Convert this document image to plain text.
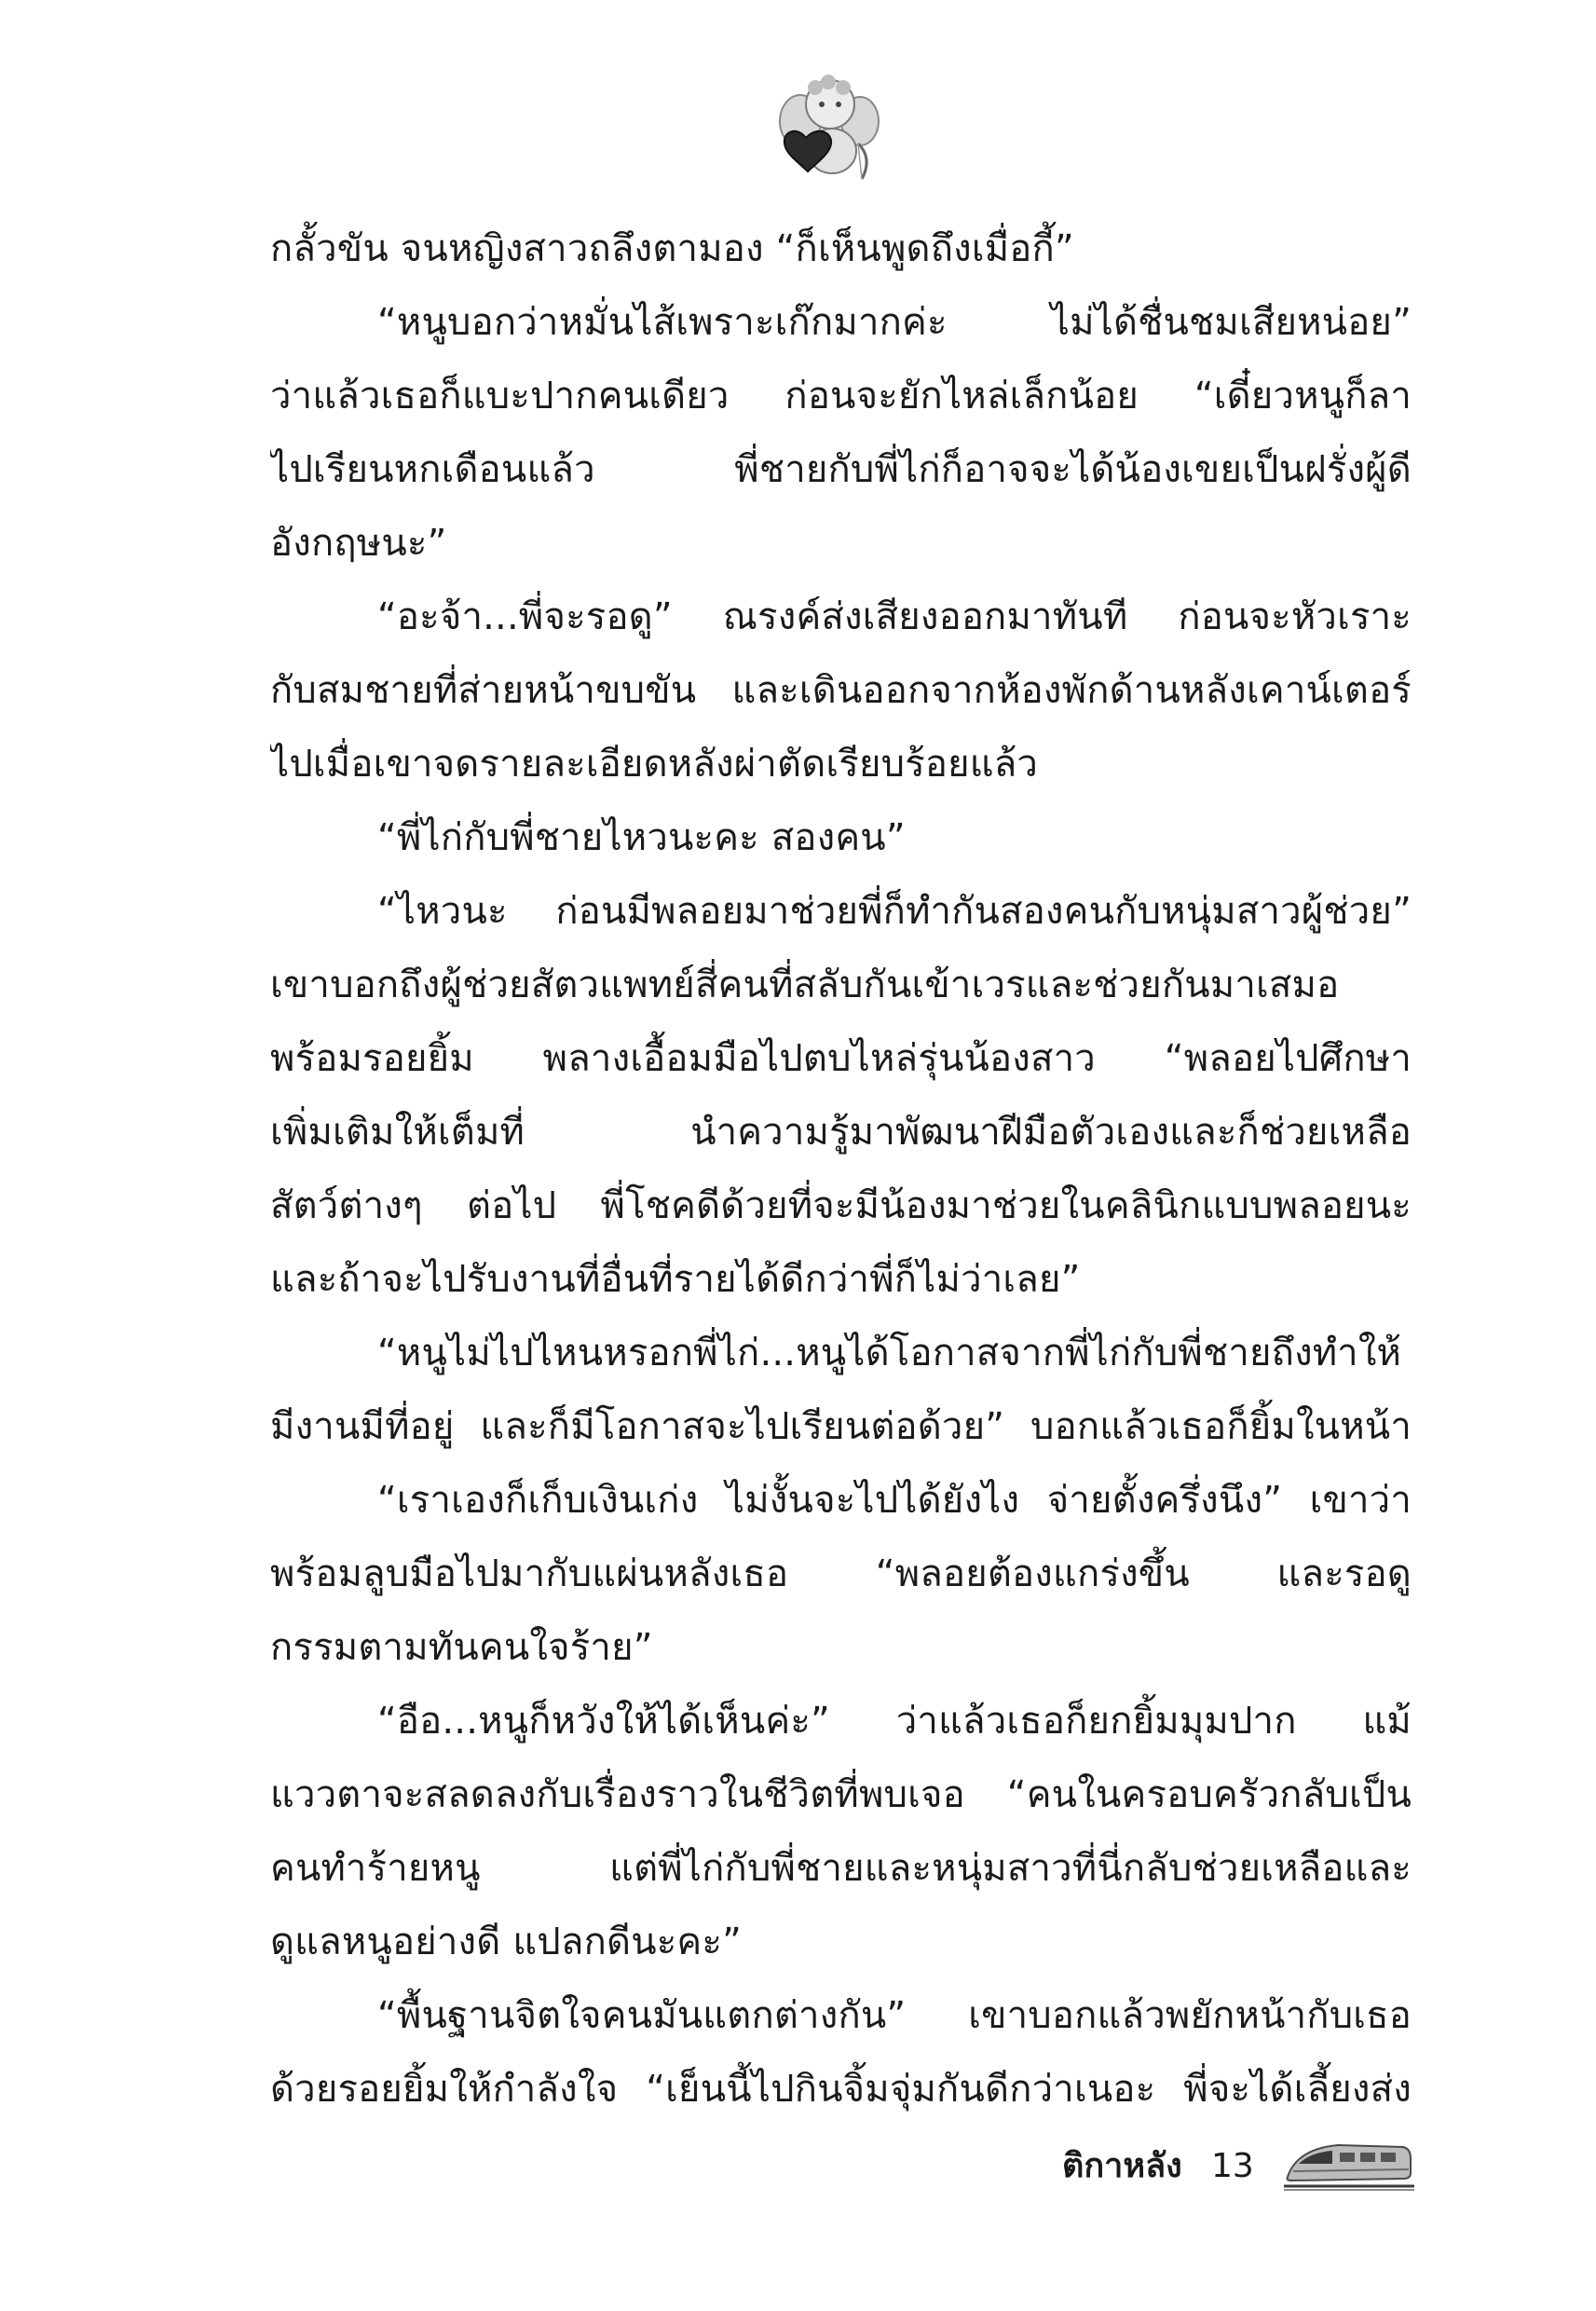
กลั้วขัน จนหญิงสาวถลึงตามอง “ก็เห็นพูดถึงเมื่อกี้”
“หนูบอกว่าหมั่นไส้เพราะเก๊กมากค่ะ ไม่ได้ชื่นชมเสียหน่อย”
ว่าแล้วเธอก็แบะปากคนเดียว ก่อนจะยักไหล่เล็กน้อย “เดี๋ยวหนูก็ลา
ไปเรียนหกเดือนแล้ว พี่ชายกับพี่ไก่ก็อาจจะได้น้องเขยเป็นฝรั่งผู้ดี
อังกฤษนะ”
“อะจ้า...พี่จะรอดู” ณรงค์ส่งเสียงออกมาทันที ก่อนจะหัวเราะ
กับสมชายที่ส่ายหน้าขบขัน และเดินออกจากห้องพักด้านหลังเคาน์เตอร์
ไปเมื่อเขาจดรายละเอียดหลังผ่าตัดเรียบร้อยแล้ว
“พี่ไก่กับพี่ชายไหวนะคะ สองคน”
“ไหวนะ ก่อนมีพลอยมาช่วยพี่ก็ทำกันสองคนกับหนุ่มสาวผู้ช่วย”
เขาบอกถึงผู้ช่วยสัตวแพทย์สี่คนที่สลับกันเข้าเวรและช่วยกันมาเสมอ
พร้อมรอยยิ้ม พลางเอื้อมมือไปตบไหล่รุ่นน้องสาว “พลอยไปศึกษา
เพิ่มเติมให้เต็มที่ นำความรู้มาพัฒนาฝีมือตัวเองและก็ช่วยเหลือ
สัตว์ต่างๆ ต่อไป พี่โชคดีด้วยที่จะมีน้องมาช่วยในคลินิกแบบพลอยนะ
และถ้าจะไปรับงานที่อื่นที่รายได้ดีกว่าพี่ก็ไม่ว่าเลย”
“หนูไม่ไปไหนหรอกพี่ไก่...หนูได้โอกาสจากพี่ไก่กับพี่ชายถึงทำให้
มีงานมีที่อยู่ และก็มีโอกาสจะไปเรียนต่อด้วย” บอกแล้วเธอก็ยิ้มในหน้า
“เราเองก็เก็บเงินเก่ง ไม่งั้นจะไปได้ยังไง จ่ายตั้งครึ่งนึง” เขาว่า
พร้อมลูบมือไปมากับแผ่นหลังเธอ “พลอยต้องแกร่งขึ้น และรอดู
กรรมตามทันคนใจร้าย”
“อือ...หนูก็หวังให้ได้เห็นค่ะ” ว่าแล้วเธอก็ยกยิ้มมุมปาก แม้
แววตาจะสลดลงกับเรื่องราวในชีวิตที่พบเจอ “คนในครอบครัวกลับเป็น
คนทำร้ายหนู แต่พี่ไก่กับพี่ชายและหนุ่มสาวที่นี่กลับช่วยเหลือและ
ดูแลหนูอย่างดี แปลกดีนะคะ”
“พื้นฐานจิตใจคนมันแตกต่างกัน” เขาบอกแล้วพยักหน้ากับเธอ
ด้วยรอยยิ้มให้กำลังใจ “เย็นนี้ไปกินจิ้มจุ่มกันดีกว่าเนอะ พี่จะได้เลี้ยงส่ง
ติกาหลัง 13
